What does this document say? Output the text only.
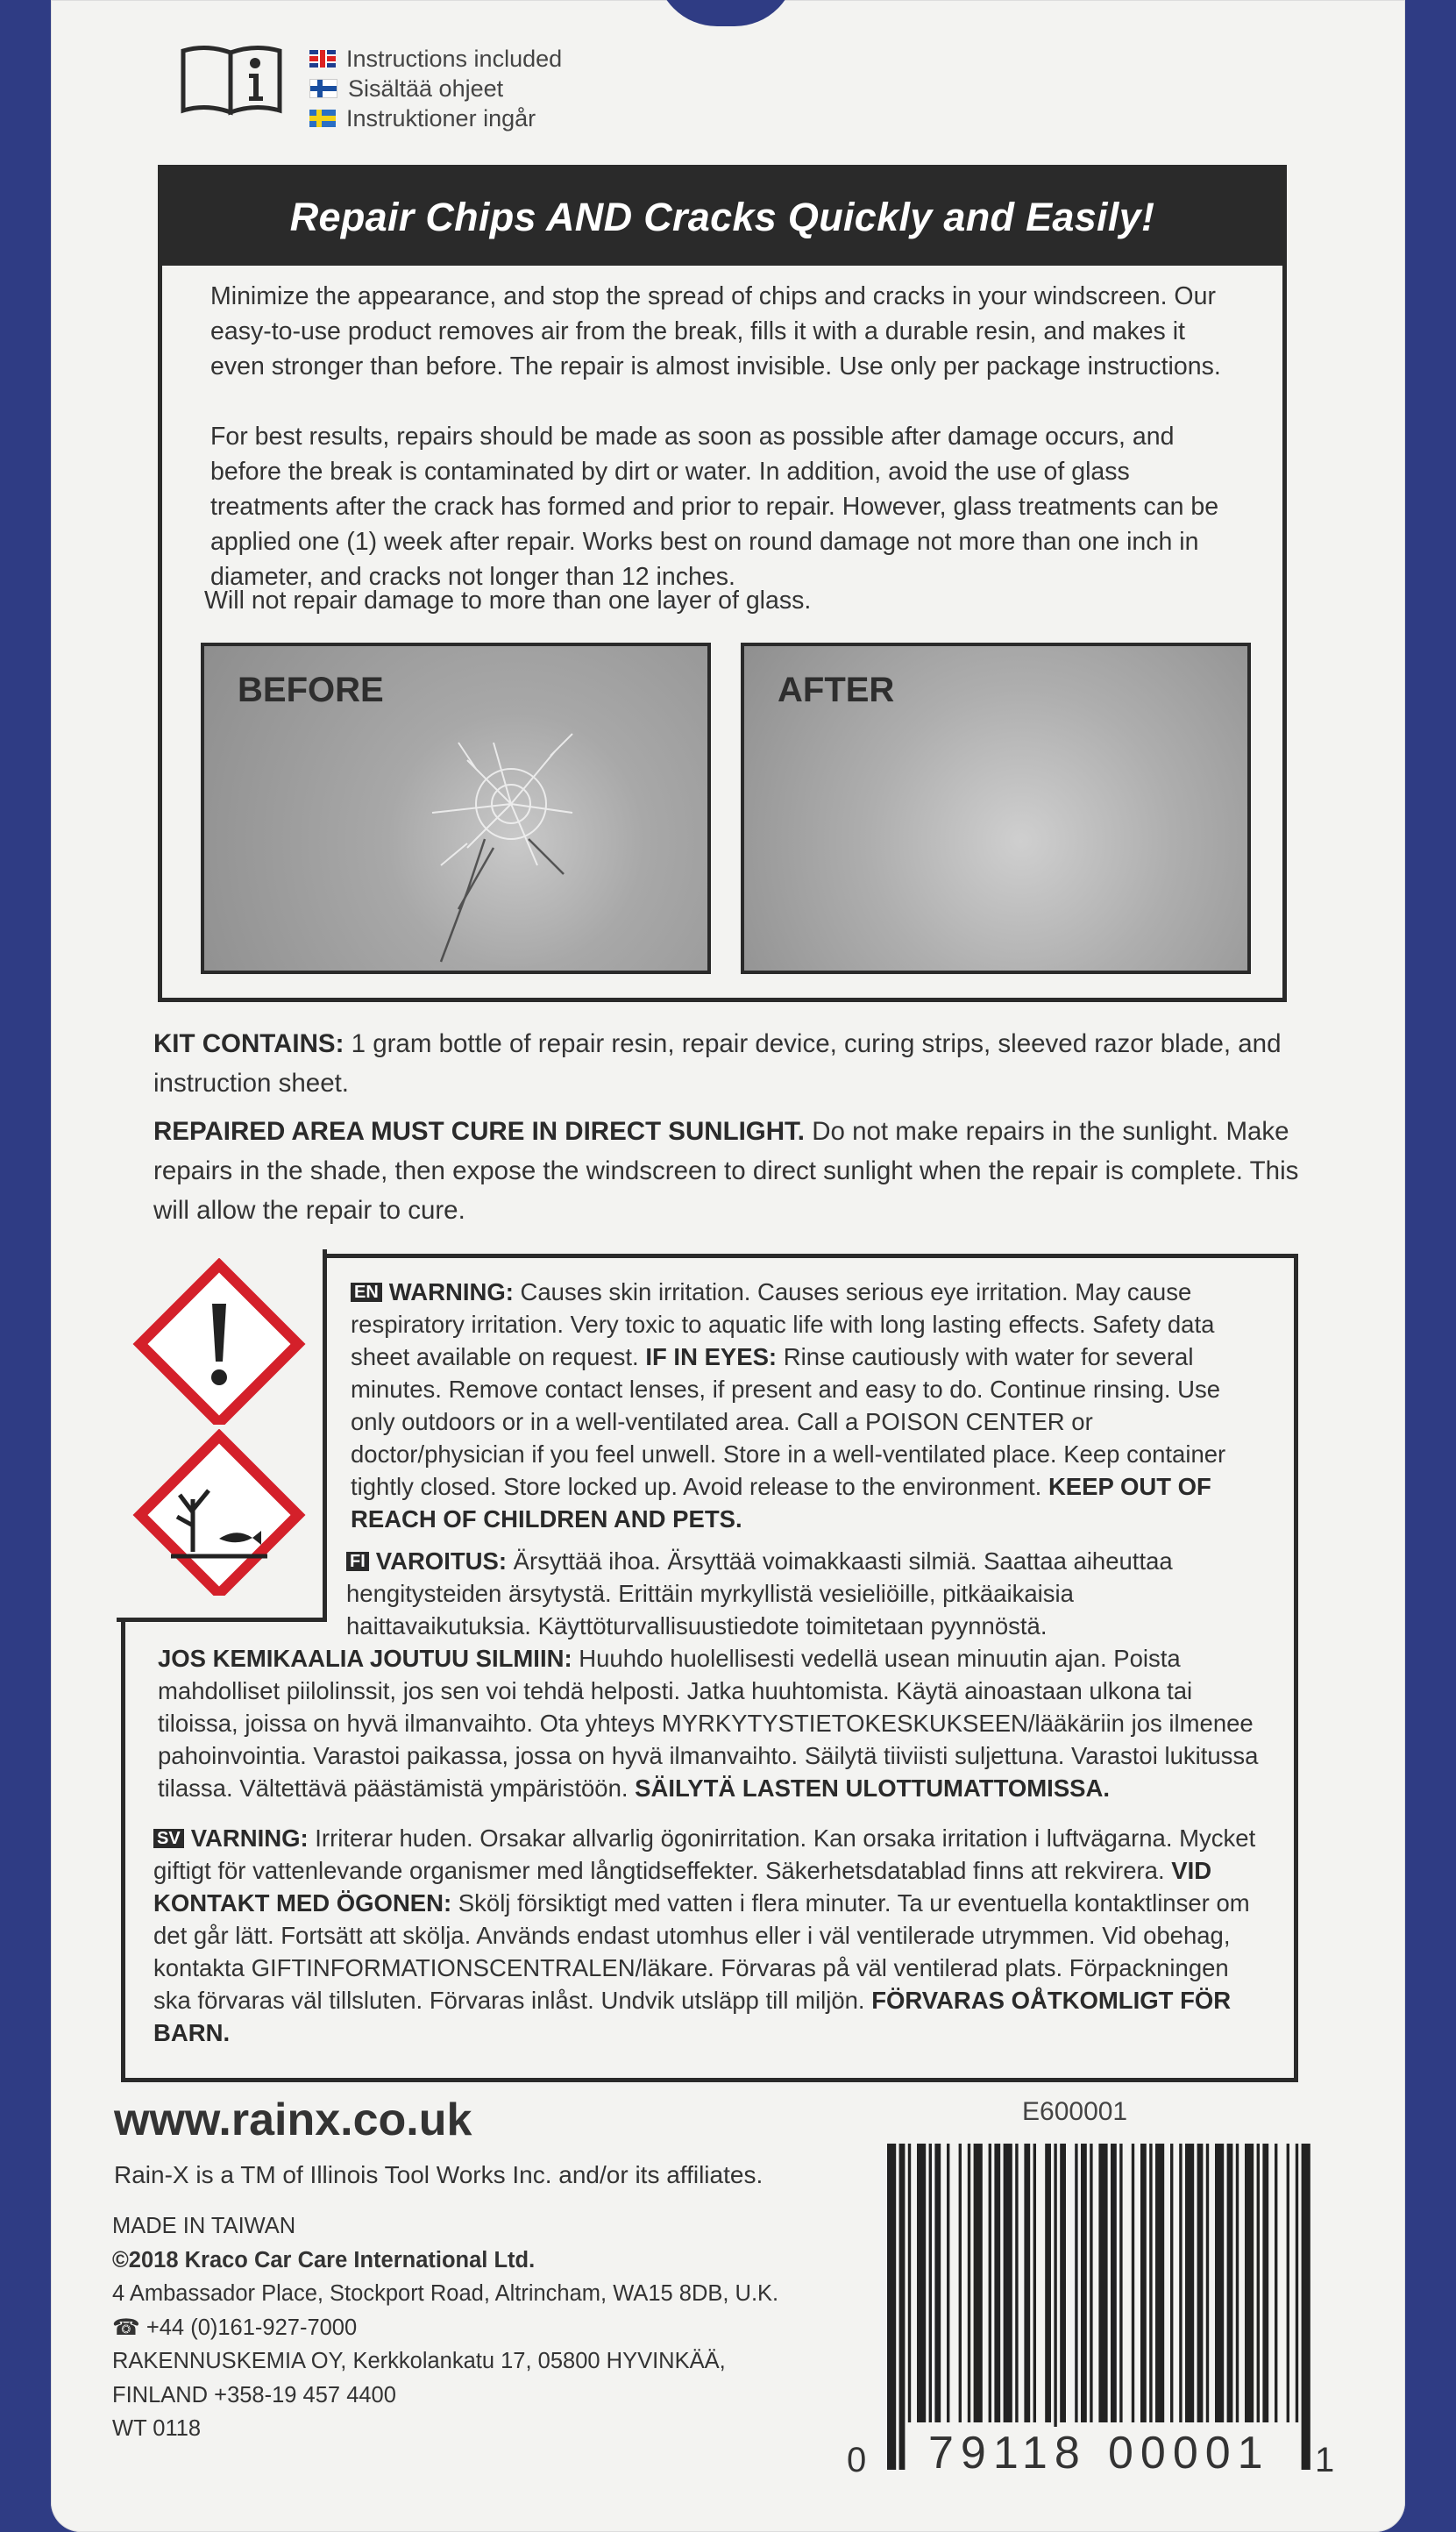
Instructions included
Sisältää ohjeet
Instruktioner ingår
Repair Chips AND Cracks Quickly and Easily!

Minimize the appearance, and stop the spread of chips and cracks in your windscreen. Our easy-to-use product removes air from the break, fills it with a durable resin, and makes it even stronger than before. The repair is almost invisible. Use only per package instructions.

For best results, repairs should be made as soon as possible after damage occurs, and before the break is contaminated by dirt or water. In addition, avoid the use of glass treatments after the crack has formed and prior to repair. However, glass treatments can be applied one (1) week after repair. Works best on round damage not more than one inch in diameter, and cracks not longer than 12 inches.

Will not repair damage to more than one layer of glass.

BEFORE	AFTER

KIT CONTAINS: 1 gram bottle of repair resin, repair device, curing strips, sleeved razor blade, and instruction sheet.

REPAIRED AREA MUST CURE IN DIRECT SUNLIGHT. Do not make repairs in the sunlight. Make repairs in the shade, then expose the windscreen to direct sunlight when the repair is complete. This will allow the repair to cure.

EN WARNING: Causes skin irritation. Causes serious eye irritation. May cause respiratory irritation. Very toxic to aquatic life with long lasting effects. Safety data sheet available on request. IF IN EYES: Rinse cautiously with water for several minutes. Remove contact lenses, if present and easy to do. Continue rinsing. Use only outdoors or in a well-ventilated area. Call a POISON CENTER or doctor/physician if you feel unwell. Store in a well-ventilated place. Keep container tightly closed. Store locked up. Avoid release to the environment. KEEP OUT OF REACH OF CHILDREN AND PETS.

FI VAROITUS: Ärsyttää ihoa. Ärsyttää voimakkaasti silmiä. Saattaa aiheuttaa hengitysteiden ärsytystä. Erittäin myrkyllistä vesieliöille, pitkäaikaisia haittavaikutuksia. Käyttöturvallisuustiedote toimitetaan pyynnöstä.

JOS KEMIKAALIA JOUTUU SILMIIN: Huuhdo huolellisesti vedellä usean minuutin ajan. Poista mahdolliset piilolinssit, jos sen voi tehdä helposti. Jatka huuhtomista. Käytä ainoastaan ulkona tai tiloissa, joissa on hyvä ilmanvaihto. Ota yhteys MYRKYTYSTIETOKESKUKSEEN/lääkäriin jos ilmenee pahoinvointia. Varastoi paikassa, jossa on hyvä ilmanvaihto. Säilytä tiiviisti suljettuna. Varastoi lukitussa tilassa. Vältettävä päästämistä ympäristöön. SÄILYTÄ LASTEN ULOTTUMATTOMISSA.

SV VARNING: Irriterar huden. Orsakar allvarlig ögonirritation. Kan orsaka irritation i luftvägarna. Mycket giftigt för vattenlevande organismer med långtidseffekter. Säkerhetsdatablad finns att rekvirera. VID KONTAKT MED ÖGONEN: Skölj försiktigt med vatten i flera minuter. Ta ur eventuella kontaktlinser om det går lätt. Fortsätt att skölja. Används endast utomhus eller i väl ventilerade utrymmen. Vid obehag, kontakta GIFTINFORMATIONSCENTRALEN/läkare. Förvaras på väl ventilerad plats. Förpackningen ska förvaras väl tillsluten. Förvaras inlåst. Undvik utsläpp till miljön. FÖRVARAS OÅTKOMLIGT FÖR BARN.

www.rainx.co.uk
Rain-X is a TM of Illinois Tool Works Inc. and/or its affiliates.

MADE IN TAIWAN
©2018 Kraco Car Care International Ltd.
4 Ambassador Place, Stockport Road, Altrincham, WA15 8DB, U.K.
☎ +44 (0)161-927-7000
RAKENNUSKEMIA OY, Kerkkolankatu 17, 05800 HYVINKÄÄ,
FINLAND +358-19 457 4400
WT 0118

E600001
0 79118 00001 1
